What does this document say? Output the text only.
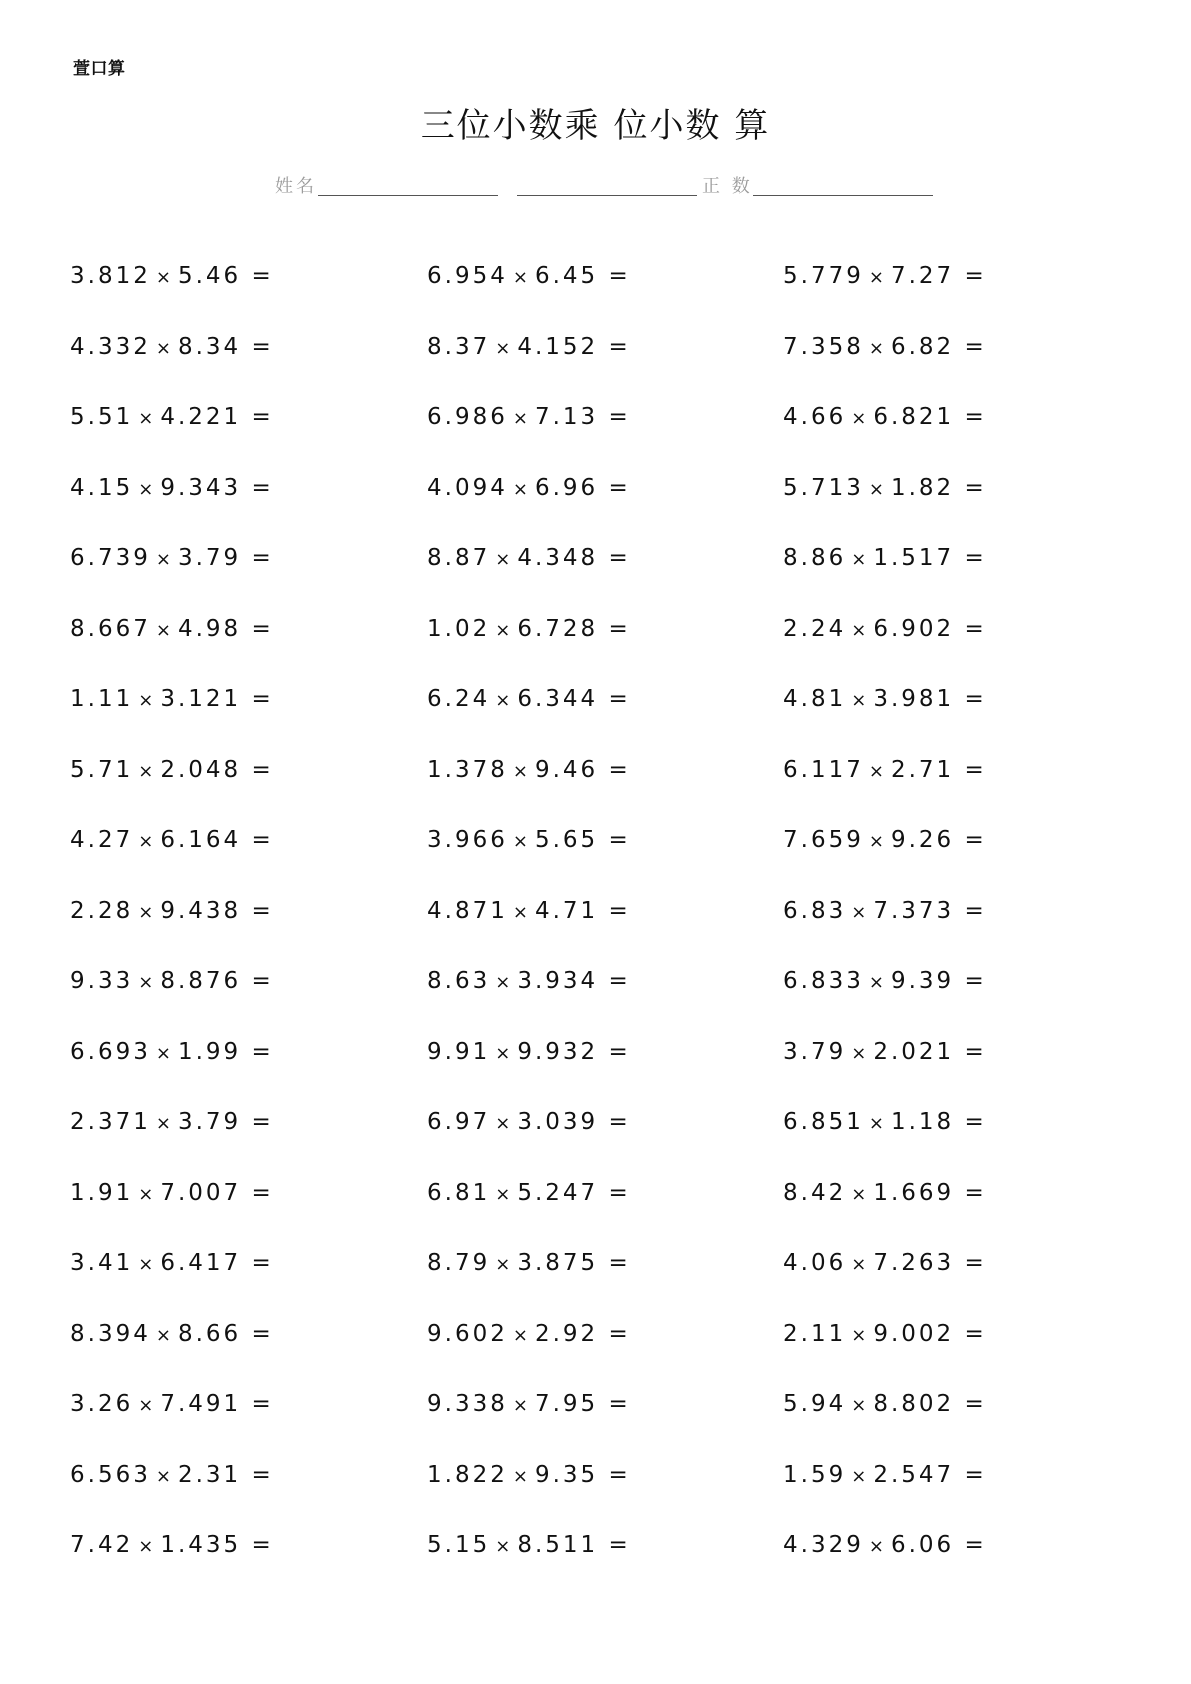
萱口算
三位小数乘 位小数 算
姓名	正 数
3.812 × 5.46 =
4.332 × 8.34 =
5.51 × 4.221 =
4.15 × 9.343 =
6.739 × 3.79 =
8.667 × 4.98 =
1.11 × 3.121 =
5.71 × 2.048 =
4.27 × 6.164 =
2.28 × 9.438 =
9.33 × 8.876 =
6.693 × 1.99 =
2.371 × 3.79 =
1.91 × 7.007 =
3.41 × 6.417 =
8.394 × 8.66 =
3.26 × 7.491 =
6.563 × 2.31 =
7.42 × 1.435 =
6.954 × 6.45 =
8.37 × 4.152 =
6.986 × 7.13 =
4.094 × 6.96 =
8.87 × 4.348 =
1.02 × 6.728 =
6.24 × 6.344 =
1.378 × 9.46 =
3.966 × 5.65 =
4.871 × 4.71 =
8.63 × 3.934 =
9.91 × 9.932 =
6.97 × 3.039 =
6.81 × 5.247 =
8.79 × 3.875 =
9.602 × 2.92 =
9.338 × 7.95 =
1.822 × 9.35 =
5.15 × 8.511 =
5.779 × 7.27 =
7.358 × 6.82 =
4.66 × 6.821 =
5.713 × 1.82 =
8.86 × 1.517 =
2.24 × 6.902 =
4.81 × 3.981 =
6.117 × 2.71 =
7.659 × 9.26 =
6.83 × 7.373 =
6.833 × 9.39 =
3.79 × 2.021 =
6.851 × 1.18 =
8.42 × 1.669 =
4.06 × 7.263 =
2.11 × 9.002 =
5.94 × 8.802 =
1.59 × 2.547 =
4.329 × 6.06 =
